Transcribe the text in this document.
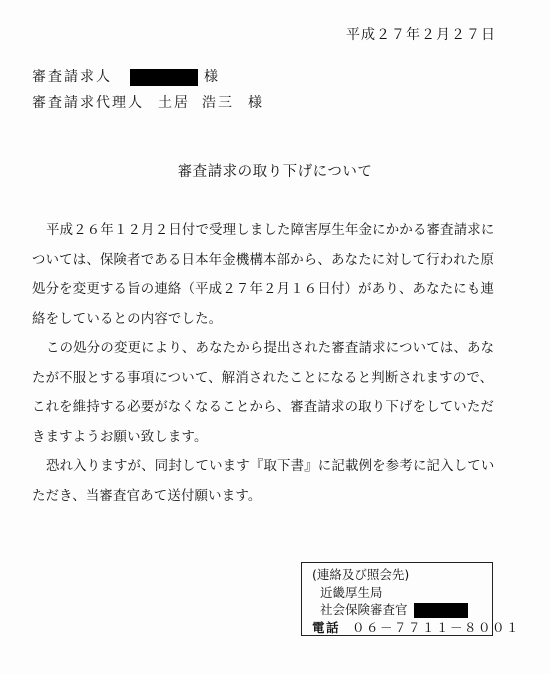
平成２７年２月２７日
審査請求人	様
審査請求代理人 土居 浩三 様
審査請求の取り下げについて

平成２６年１２月２日付で受理しました障害厚生年金にかかる審査請求に

ついては、保険者である日本年金機構本部から、あなたに対して行われた原

処分を変更する旨の連絡（平成２７年２月１６日付）があり、あなたにも連

絡をしているとの内容でした。

この処分の変更により、あなたから提出された審査請求については、あな

たが不服とする事項について、解消されたことになると判断されますので、

これを維持する必要がなくなることから、審査請求の取り下げをしていただ

きますようお願い致します。

恐れ入りますが、同封しています『取下書』に記載例を参考に記入してい

ただき、当審査官あて送付願います。

(連絡及び照会先)
近畿厚生局
社会保険審査官
電話 ０６－７７１１－８００１
